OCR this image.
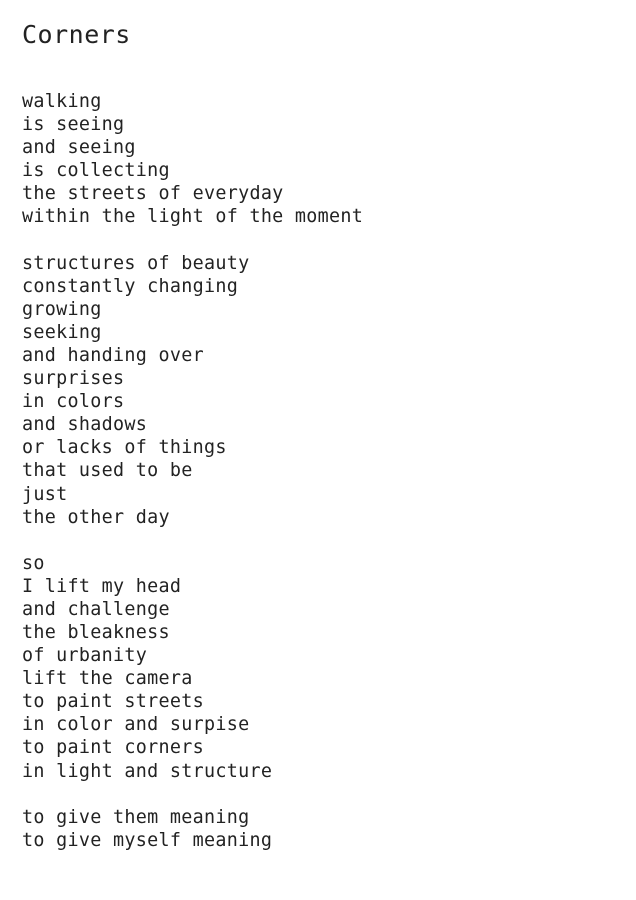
Corners
walking
is seeing
and seeing
is collecting
the streets of everyday
within the light of the moment
structures of beauty
constantly changing
growing
seeking
and handing over
surprises
in colors
and shadows
or lacks of things
that used to be
just
the other day
so
I lift my head
and challenge
the bleakness
of urbanity
lift the camera
to paint streets
in color and surpise
to paint corners
in light and structure
to give them meaning
to give myself meaning
